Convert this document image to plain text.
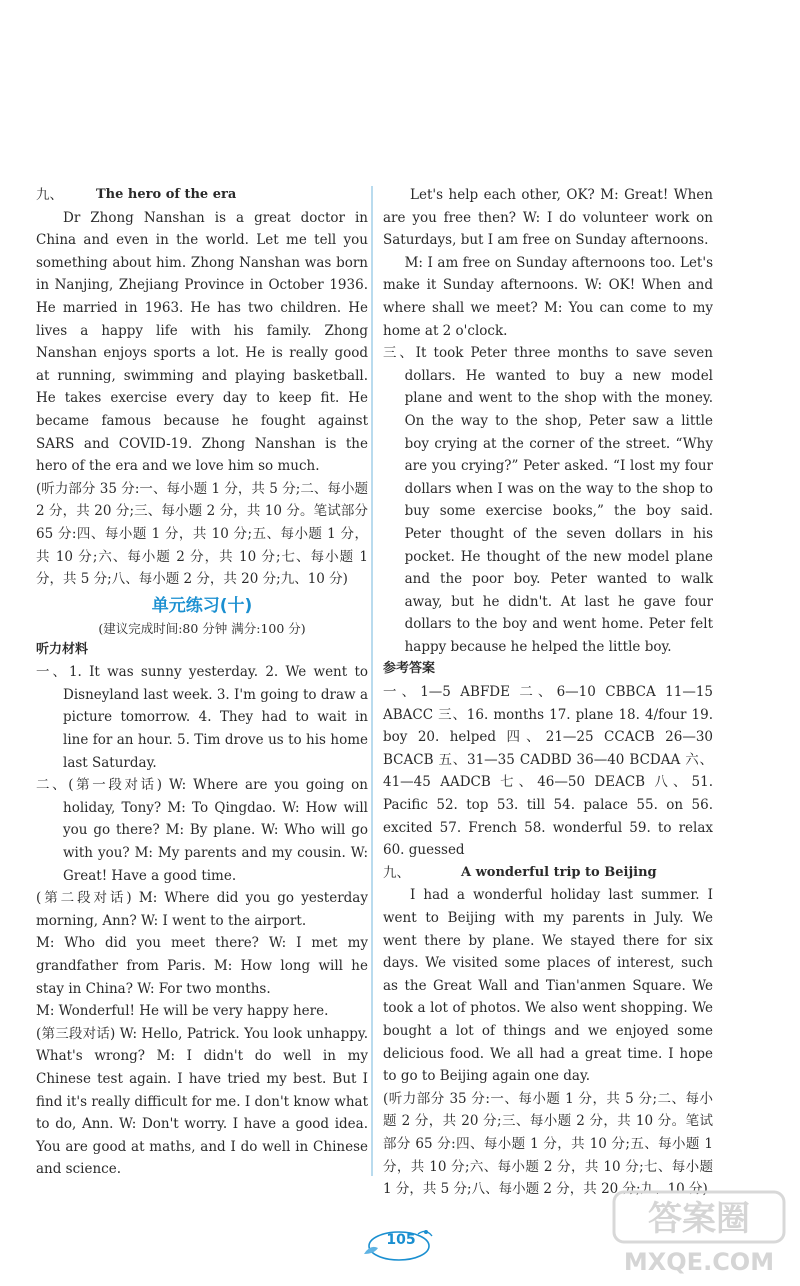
九、	The hero of the era

Dr Zhong Nanshan is a great doctor in China and even in the world. Let me tell you something about him. Zhong Nanshan was born in Nanjing, Zhejiang Province in October 1936. He married in 1963. He has two children. He lives a happy life with his family. Zhong Nanshan enjoys sports a lot. He is really good at running, swimming and playing basketball. He takes exercise every day to keep fit. He became famous because he fought against SARS and COVID-19. Zhong Nanshan is the hero of the era and we love him so much.

(听力部分 35 分:一、每小题 1 分，共 5 分;二、每小题 2 分，共 20 分;三、每小题 2 分，共 10 分。笔试部分 65 分:四、每小题 1 分，共 10 分;五、每小题 1 分，共 10 分;六、每小题 2 分，共 10 分;七、每小题 1 分，共 5 分;八、每小题 2 分，共 20 分;九、10 分)

单元练习(十)
(建议完成时间:80 分钟 满分:100 分)
听力材料

一、1. It was sunny yesterday. 2. We went to Disneyland last week. 3. I'm going to draw a picture tomorrow. 4. They had to wait in line for an hour. 5. Tim drove us to his home last Saturday.

二、(第一段对话) W: Where are you going on holiday, Tony? M: To Qingdao. W: How will you go there? M: By plane. W: Who will go with you? M: My parents and my cousin. W: Great! Have a good time.

(第二段对话) M: Where did you go yesterday morning, Ann? W: I went to the airport.

M: Who did you meet there? W: I met my grandfather from Paris. M: How long will he stay in China? W: For two months.

M: Wonderful! He will be very happy here.

(第三段对话) W: Hello, Patrick. You look unhappy. What's wrong? M: I didn't do well in my Chinese test again. I have tried my best. But I find it's really difficult for me. I don't know what to do, Ann. W: Don't worry. I have a good idea. You are good at maths, and I do well in Chinese and science.

Let's help each other, OK? M: Great! When are you free then? W: I do volunteer work on Saturdays, but I am free on Sunday afternoons.

M: I am free on Sunday afternoons too. Let's make it Sunday afternoons. W: OK! When and where shall we meet? M: You can come to my home at 2 o'clock.

三、It took Peter three months to save seven dollars. He wanted to buy a new model plane and went to the shop with the money. On the way to the shop, Peter saw a little boy crying at the corner of the street. “Why are you crying?” Peter asked. “I lost my four dollars when I was on the way to the shop to buy some exercise books,” the boy said. Peter thought of the seven dollars in his pocket. He thought of the new model plane and the poor boy. Peter wanted to walk away, but he didn't. At last he gave four dollars to the boy and went home. Peter felt happy because he helped the little boy.

参考答案

一、1—5 ABFDE 二、6—10 CBBCA 11—15 ABACC 三、16. months 17. plane 18. 4/four 19. boy 20. helped 四、21—25 CCACB 26—30 BCACB 五、31—35 CADBD 36—40 BCDAA 六、41—45 AADCB 七、46—50 DEACB 八、51. Pacific 52. top 53. till 54. palace 55. on 56. excited 57. French 58. wonderful 59. to relax 60. guessed

九、	A wonderful trip to Beijing

I had a wonderful holiday last summer. I went to Beijing with my parents in July. We went there by plane. We stayed there for six days. We visited some places of interest, such as the Great Wall and Tian'anmen Square. We took a lot of photos. We also went shopping. We bought a lot of things and we enjoyed some delicious food. We all had a great time. I hope to go to Beijing again one day.

(听力部分 35 分:一、每小题 1 分，共 5 分;二、每小题 2 分，共 20 分;三、每小题 2 分，共 10 分。笔试部分 65 分:四、每小题 1 分，共 10 分;五、每小题 1 分，共 10 分;六、每小题 2 分，共 10 分;七、每小题 1 分，共 5 分;八、每小题 2 分，共 20 分;九、10 分)

105
答案圈
MXQE.COM
